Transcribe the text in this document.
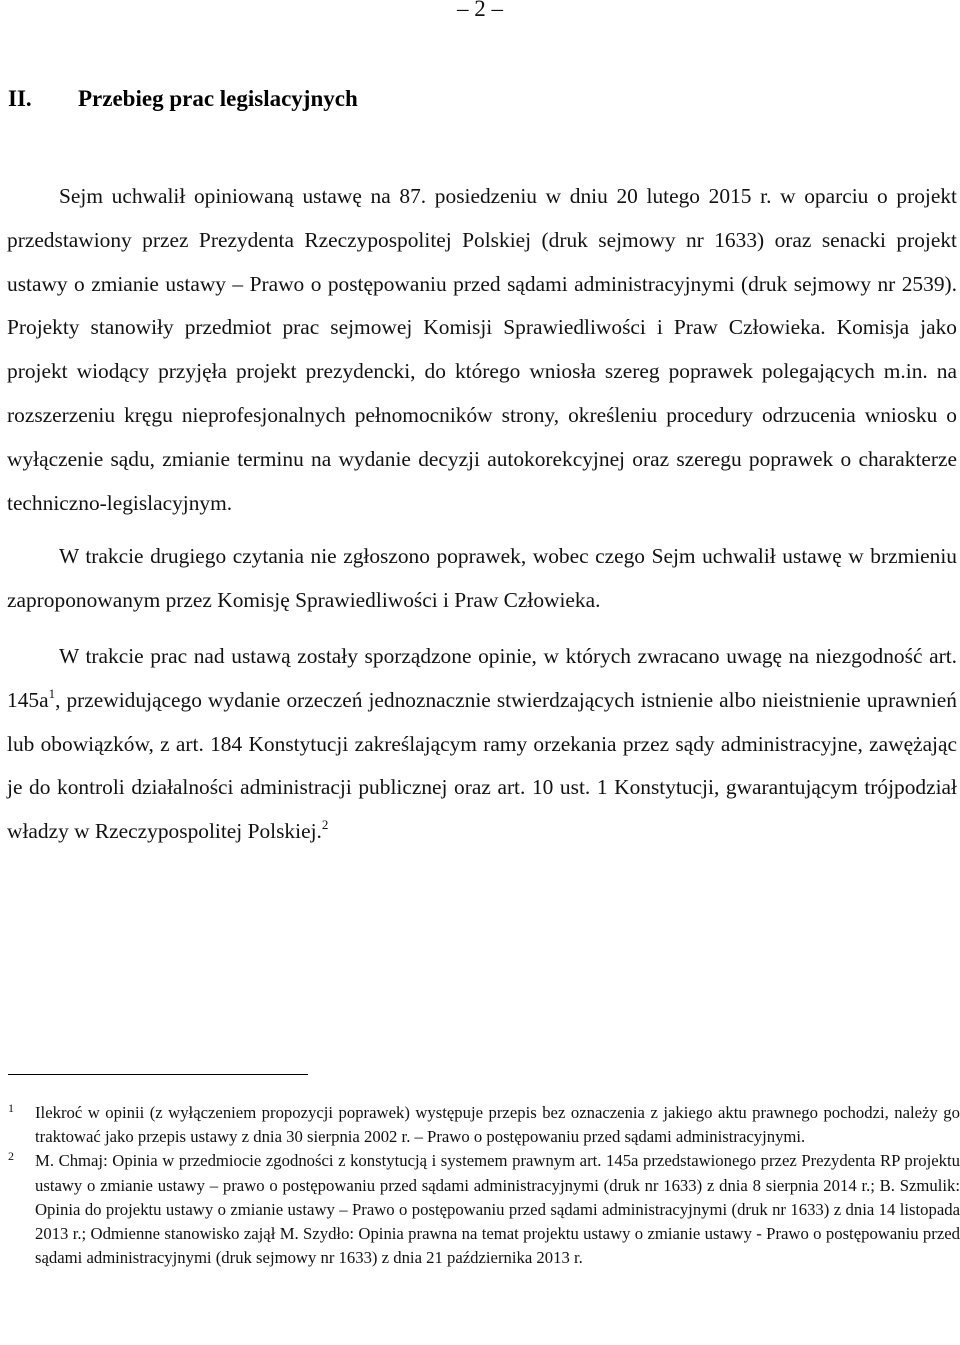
– 2 –
II. Przebieg prac legislacyjnych

Sejm uchwalił opiniowaną ustawę na 87. posiedzeniu w dniu 20 lutego 2015 r. w oparciu o projekt przedstawiony przez Prezydenta Rzeczypospolitej Polskiej (druk sejmowy nr 1633) oraz senacki projekt ustawy o zmianie ustawy – Prawo o postępowaniu przed sądami administracyjnymi (druk sejmowy nr 2539). Projekty stanowiły przedmiot prac sejmowej Komisji Sprawiedliwości i Praw Człowieka. Komisja jako projekt wiodący przyjęła projekt prezydencki, do którego wniosła szereg poprawek polegających m.in. na rozszerzeniu kręgu nieprofesjonalnych pełnomocników strony, określeniu procedury odrzucenia wniosku o wyłączenie sądu, zmianie terminu na wydanie decyzji autokorekcyjnej oraz szeregu poprawek o charakterze techniczno-legislacyjnym.

W trakcie drugiego czytania nie zgłoszono poprawek, wobec czego Sejm uchwalił ustawę w brzmieniu zaproponowanym przez Komisję Sprawiedliwości i Praw Człowieka.

W trakcie prac nad ustawą zostały sporządzone opinie, w których zwracano uwagę na niezgodność art. $145a^1$, przewidującego wydanie orzeczeń jednoznacznie stwierdzających istnienie albo nieistnienie uprawnień lub obowiązków, z art. 184 Konstytucji zakreślającym ramy orzekania przez sądy administracyjne, zawężając je do kontroli działalności administracji publicznej oraz art. 10 ust. 1 Konstytucji, gwarantującym trójpodział władzy w Rzeczypospolitej Polskiej.$^2$

1	Ilekroć w opinii (z wyłączeniem propozycji poprawek) występuje przepis bez oznaczenia z jakiego aktu prawnego pochodzi, należy go traktować jako przepis ustawy z dnia 30 sierpnia 2002 r. – Prawo o postępowaniu przed sądami administracyjnymi.
2	M. Chmaj: Opinia w przedmiocie zgodności z konstytucją i systemem prawnym art. 145a przedstawionego przez Prezydenta RP projektu ustawy o zmianie ustawy – prawo o postępowaniu przed sądami administracyjnymi (druk nr 1633) z dnia 8 sierpnia 2014 r.; B. Szmulik: Opinia do projektu ustawy o zmianie ustawy – Prawo o postępowaniu przed sądami administracyjnymi (druk nr 1633) z dnia 14 listopada 2013 r.; Odmienne stanowisko zajął M. Szydło: Opinia prawna na temat projektu ustawy o zmianie ustawy - Prawo o postępowaniu przed sądami administracyjnymi (druk sejmowy nr 1633) z dnia 21 października 2013 r.
